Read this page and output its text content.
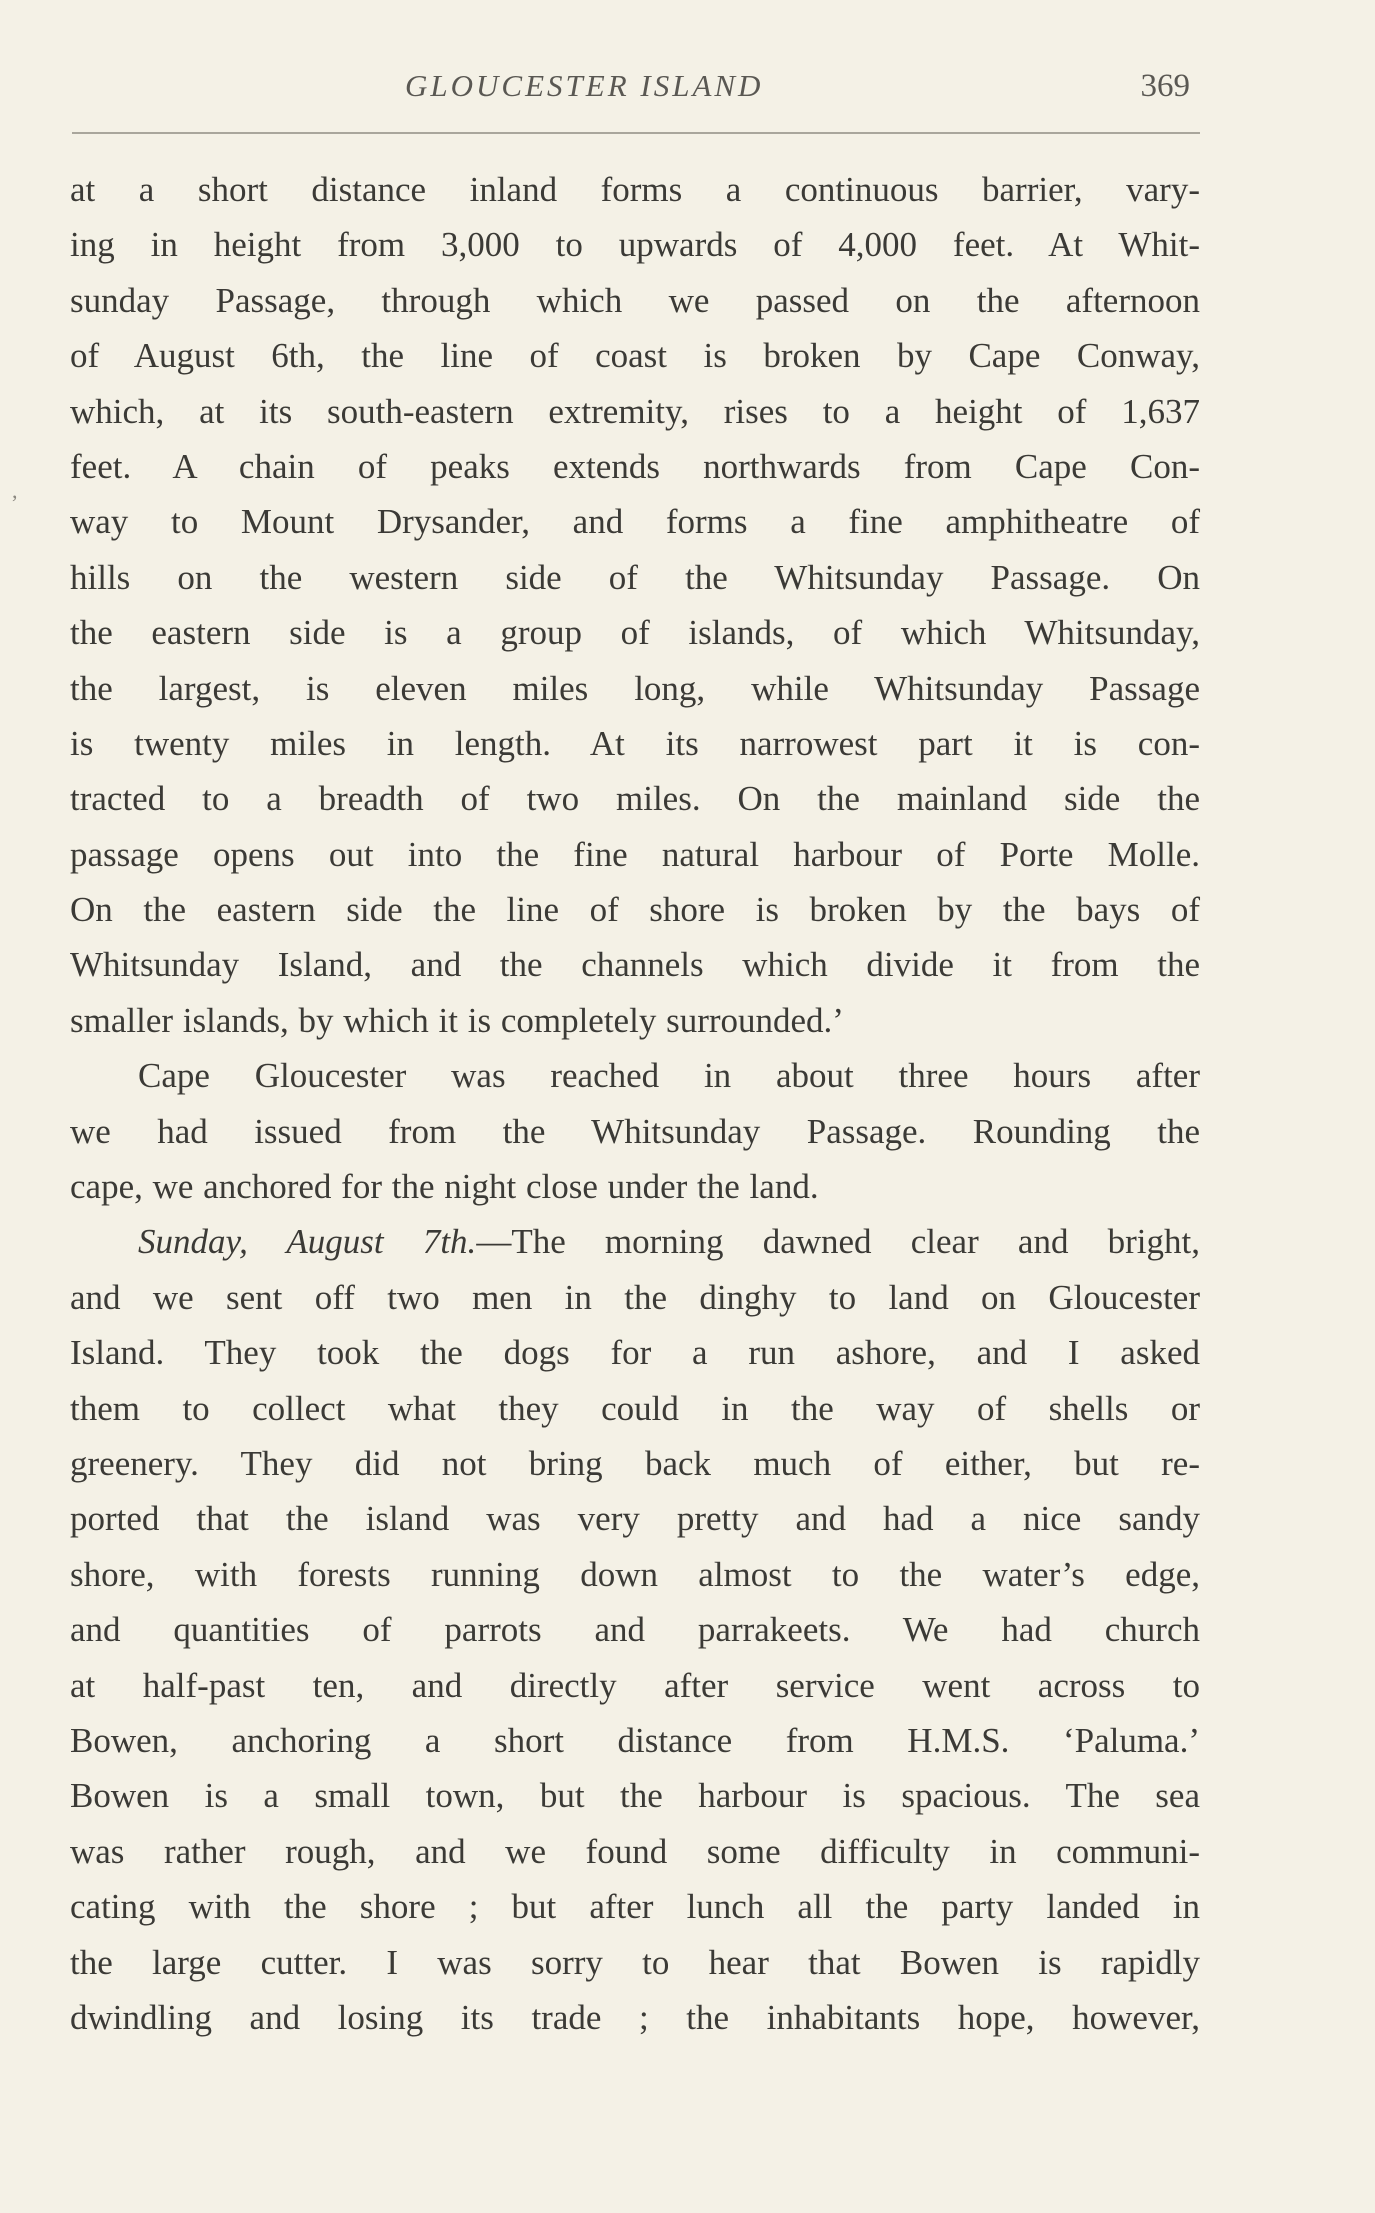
GLOUCESTER ISLAND	369
,
at a short distance inland forms a continuous barrier, vary-
ing in height from 3,000 to upwards of 4,000 feet. At Whit-
sunday Passage, through which we passed on the afternoon
of August 6th, the line of coast is broken by Cape Conway,
which, at its south-eastern extremity, rises to a height of 1,637
feet. A chain of peaks extends northwards from Cape Con-
way to Mount Drysander, and forms a fine amphitheatre of
hills on the western side of the Whitsunday Passage. On
the eastern side is a group of islands, of which Whitsunday,
the largest, is eleven miles long, while Whitsunday Passage
is twenty miles in length. At its narrowest part it is con-
tracted to a breadth of two miles. On the mainland side the
passage opens out into the fine natural harbour of Porte Molle.
On the eastern side the line of shore is broken by the bays of
Whitsunday Island, and the channels which divide it from the
smaller islands, by which it is completely surrounded.’
Cape Gloucester was reached in about three hours after
we had issued from the Whitsunday Passage. Rounding the
cape, we anchored for the night close under the land.
Sunday, August 7th.—The morning dawned clear and bright,
and we sent off two men in the dinghy to land on Gloucester
Island. They took the dogs for a run ashore, and I asked
them to collect what they could in the way of shells or
greenery. They did not bring back much of either, but re-
ported that the island was very pretty and had a nice sandy
shore, with forests running down almost to the water’s edge,
and quantities of parrots and parrakeets. We had church
at half-past ten, and directly after service went across to
Bowen, anchoring a short distance from H.M.S. ‘Paluma.’
Bowen is a small town, but the harbour is spacious. The sea
was rather rough, and we found some difficulty in communi-
cating with the shore ; but after lunch all the party landed in
the large cutter. I was sorry to hear that Bowen is rapidly
dwindling and losing its trade ; the inhabitants hope, however,
